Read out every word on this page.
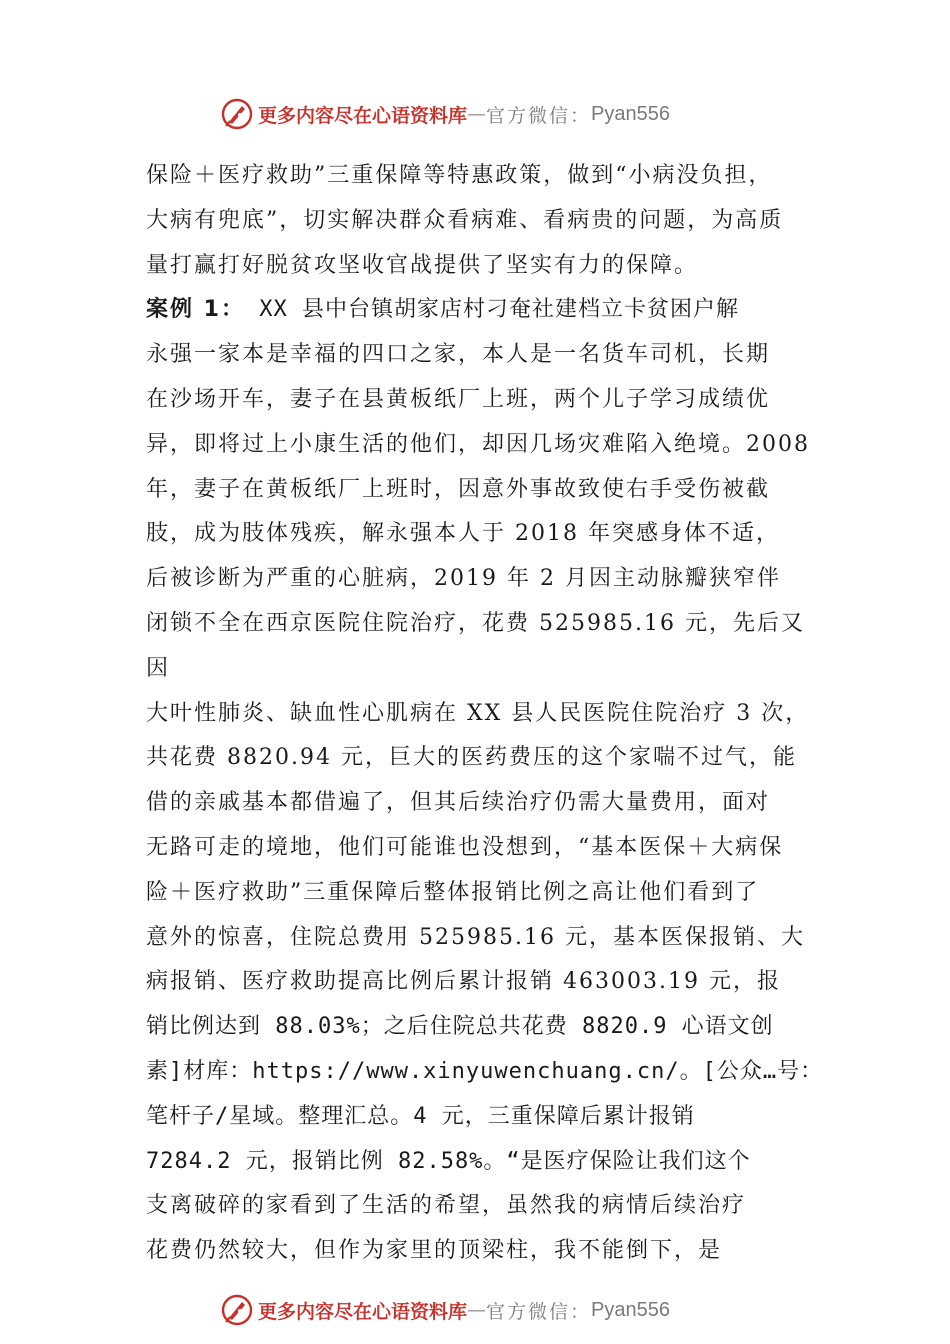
更多内容尽在心语资料库 — 官方微信： Pyan556
保险＋医疗救助”三重保障等特惠政策，做到“小病没负担，
大病有兜底”，切实解决群众看病难、看病贵的问题，为高质
量打赢打好脱贫攻坚收官战提供了坚实有力的保障。
案例 1： XX 县中台镇胡家店村刁奄社建档立卡贫困户解
永强一家本是幸福的四口之家，本人是一名货车司机，长期
在沙场开车，妻子在县黄板纸厂上班，两个儿子学习成绩优
异，即将过上小康生活的他们，却因几场灾难陷入绝境。2008
年，妻子在黄板纸厂上班时，因意外事故致使右手受伤被截
肢，成为肢体残疾，解永强本人于 2018 年突感身体不适，
后被诊断为严重的心脏病，2019 年 2 月因主动脉瓣狭窄伴
闭锁不全在西京医院住院治疗，花费 525985.16 元，先后又
因
大叶性肺炎、缺血性心肌病在 XX 县人民医院住院治疗 3 次，
共花费 8820.94 元，巨大的医药费压的这个家喘不过气，能
借的亲戚基本都借遍了，但其后续治疗仍需大量费用，面对
无路可走的境地，他们可能谁也没想到，“基本医保＋大病保
险＋医疗救助”三重保障后整体报销比例之高让他们看到了
意外的惊喜，住院总费用 525985.16 元，基本医保报销、大
病报销、医疗救助提高比例后累计报销 463003.19 元，报
销比例达到 88.03%；之后住院总共花费 8820.9 心语文创
素]材库：https://www.xinyuwenchuang.cn/。[公众…号：
笔杆子/星域。整理汇总。4 元，三重保障后累计报销
7284.2 元，报销比例 82.58%。“是医疗保险让我们这个
支离破碎的家看到了生活的希望，虽然我的病情后续治疗
花费仍然较大，但作为家里的顶梁柱，我不能倒下，是
更多内容尽在心语资料库 — 官方微信： Pyan556
